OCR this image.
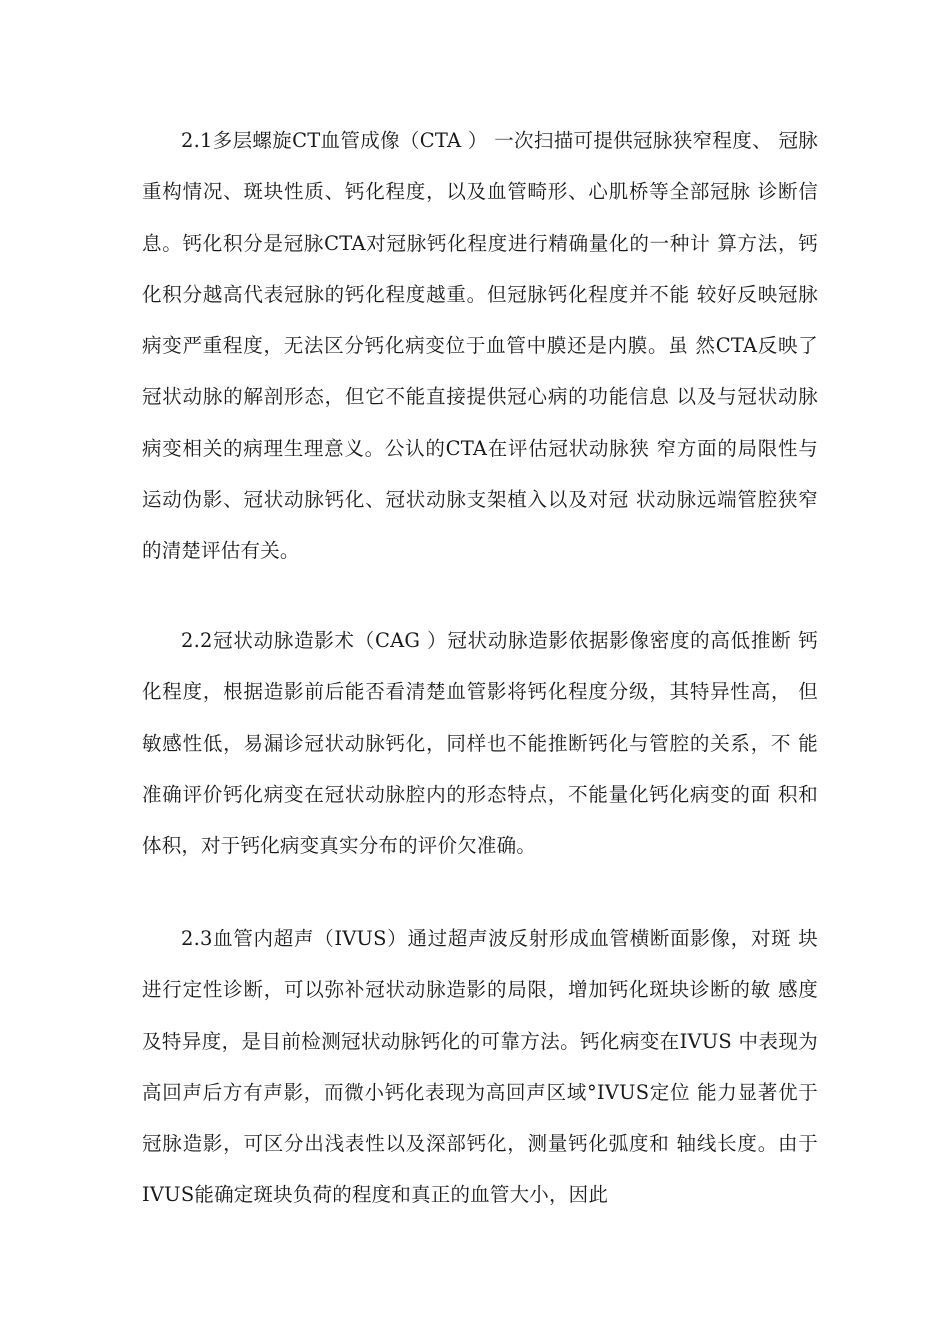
2.1多层螺旋CT血管成像（CTA ） 一次扫描可提供冠脉狭窄程度、 冠脉重构情况、斑块性质、钙化程度，以及血管畸形、心肌桥等全部冠脉 诊断信息。钙化积分是冠脉CTA对冠脉钙化程度进行精确量化的一种计 算方法，钙化积分越高代表冠脉的钙化程度越重。但冠脉钙化程度并不能 较好反映冠脉病变严重程度，无法区分钙化病变位于血管中膜还是内膜。虽 然CTA反映了冠状动脉的解剖形态，但它不能直接提供冠心病的功能信息 以及与冠状动脉病变相关的病理生理意义。公认的CTA在评估冠状动脉狭 窄方面的局限性与运动伪影、冠状动脉钙化、冠状动脉支架植入以及对冠 状动脉远端管腔狭窄的清楚评估有关。

2.2冠状动脉造影术（CAG ）冠状动脉造影依据影像密度的高低推断 钙化程度，根据造影前后能否看清楚血管影将钙化程度分级，其特异性高， 但敏感性低，易漏诊冠状动脉钙化，同样也不能推断钙化与管腔的关系，不 能准确评价钙化病变在冠状动脉腔内的形态特点，不能量化钙化病变的面 积和体积，对于钙化病变真实分布的评价欠准确。

2.3血管内超声（IVUS）通过超声波反射形成血管横断面影像，对斑 块进行定性诊断，可以弥补冠状动脉造影的局限，增加钙化斑块诊断的敏 感度及特异度，是目前检测冠状动脉钙化的可靠方法。钙化病变在IVUS 中表现为高回声后方有声影，而微小钙化表现为高回声区域°IVUS定位 能力显著优于冠脉造影，可区分出浅表性以及深部钙化，测量钙化弧度和 轴线长度。由于IVUS能确定斑块负荷的程度和真正的血管大小，因此
